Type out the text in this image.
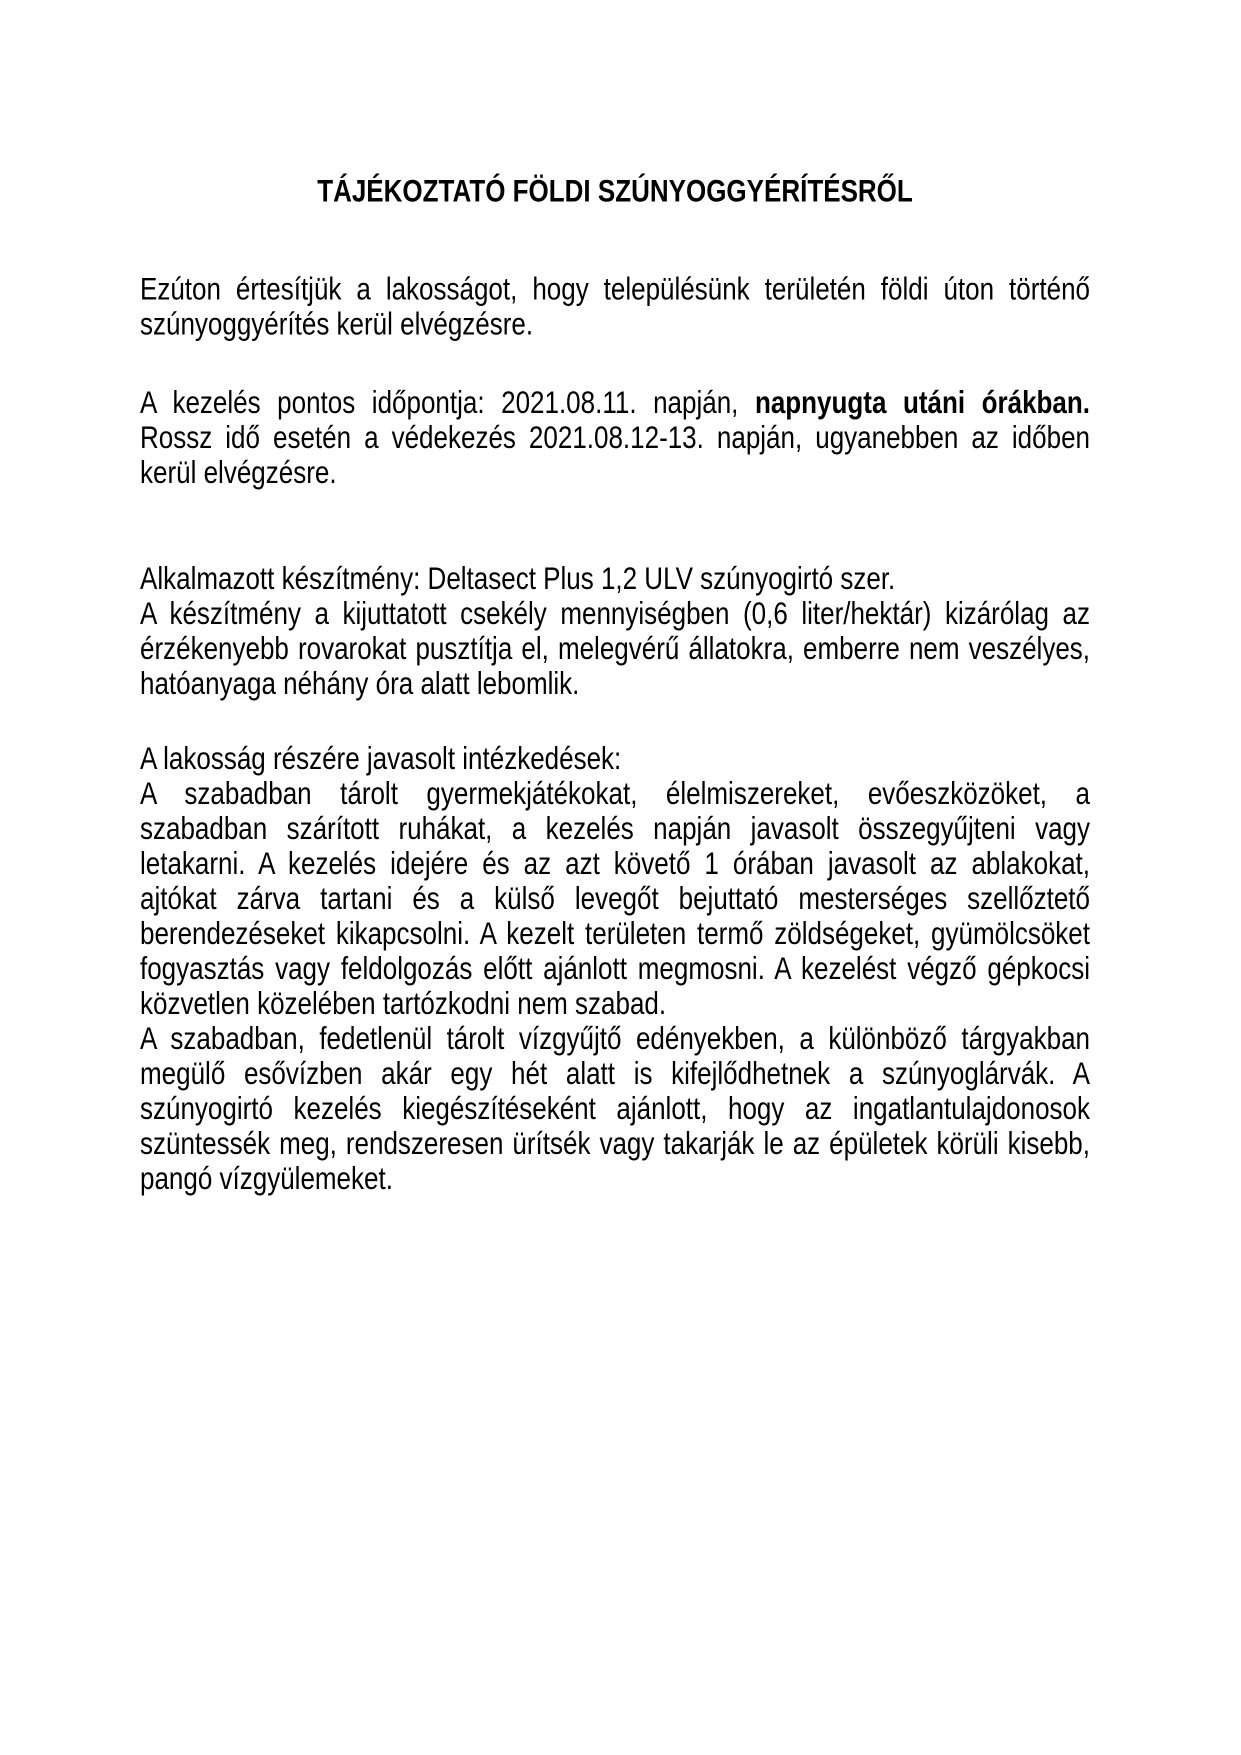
TÁJÉKOZTATÓ FÖLDI SZÚNYOGGYÉRÍTÉSRŐL

Ezúton értesítjük a lakosságot, hogy településünk területén földi úton történő szúnyoggyérítés kerül elvégzésre.

A kezelés pontos időpontja: 2021.08.11. napján, napnyugta utáni órákban. Rossz idő esetén a védekezés 2021.08.12-13. napján, ugyanebben az időben kerül elvégzésre.

Alkalmazott készítmény: Deltasect Plus 1,2 ULV szúnyogirtó szer.
A készítmény a kijuttatott csekély mennyiségben (0,6 liter/hektár) kizárólag az érzékenyebb rovarokat pusztítja el, melegvérű állatokra, emberre nem veszélyes, hatóanyaga néhány óra alatt lebomlik.

A lakosság részére javasolt intézkedések:
A szabadban tárolt gyermekjátékokat, élelmiszereket, evőeszközöket, a szabadban szárított ruhákat, a kezelés napján javasolt összegyűjteni vagy letakarni. A kezelés idejére és az azt követő 1 órában javasolt az ablakokat, ajtókat zárva tartani és a külső levegőt bejuttató mesterséges szellőztető berendezéseket kikapcsolni. A kezelt területen termő zöldségeket, gyümölcsöket fogyasztás vagy feldolgozás előtt ajánlott megmosni. A kezelést végző gépkocsi közvetlen közelében tartózkodni nem szabad.
A szabadban, fedetlenül tárolt vízgyűjtő edényekben, a különböző tárgyakban megülő esővízben akár egy hét alatt is kifejlődhetnek a szúnyoglárvák. A szúnyogirtó kezelés kiegészítéseként ajánlott, hogy az ingatlantulajdonosok szüntessék meg, rendszeresen ürítsék vagy takarják le az épületek körüli kisebb, pangó vízgyülemeket.
